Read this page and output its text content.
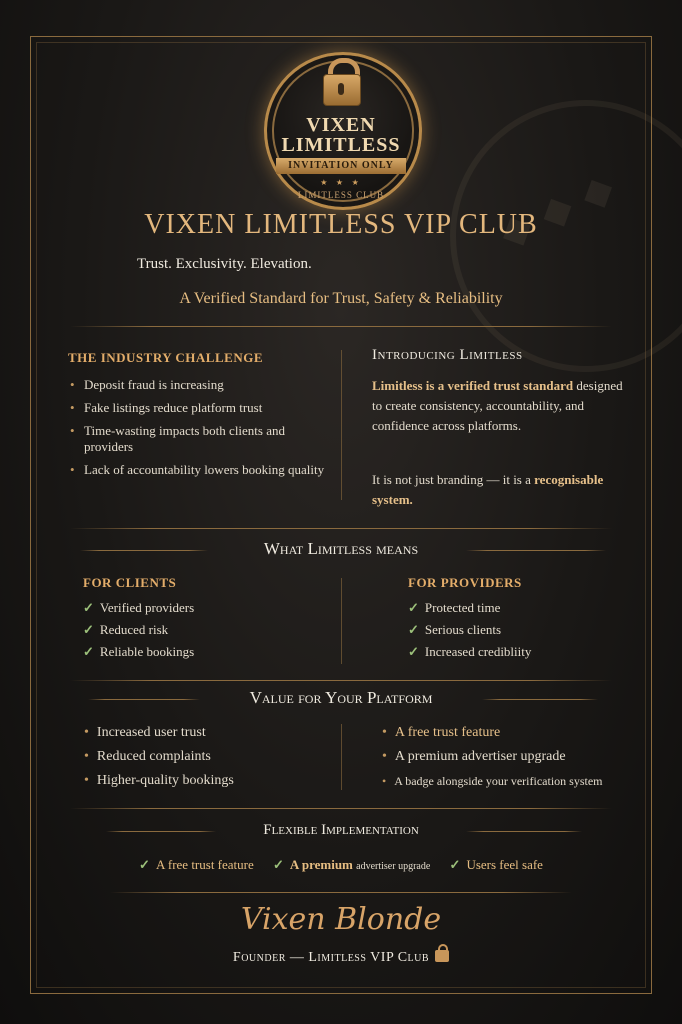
◆ ◆ ◆
VIXEN
LIMITLESS
INVITATION ONLY
★ ★ ★
LIMITLESS CLUB
VIXEN LIMITLESS VIP CLUB
Trust. Exclusivity. Elevation.
A Verified Standard for Trust, Safety & Reliability
THE INDUSTRY CHALLENGE
• Deposit fraud is increasing
• Fake listings reduce platform trust
• Time-wasting impacts both clients and providers
• Lack of accountability lowers booking quality
Introducing Limitless
Limitless is a verified trust standard designed to create consistency, accountability, and confidence across platforms.
It is not just branding — it is a recognisable system.
What Limitless means
FOR CLIENTS
✓ Verified providers
✓ Reduced risk
✓ Reliable bookings
FOR PROVIDERS
✓ Protected time
✓ Serious clients
✓ Increased credibliity
Value for Your Platform
• Increased user trust
• Reduced complaints
• Higher-quality bookings
• A free trust feature
• A premium advertiser upgrade
• A badge alongside your verification system
Flexible Implementation
✓ A free trust feature ✓ A premium advertiser upgrade ✓ Users feel safe
Vixen Blonde
Founder — Limitless VIP Club
